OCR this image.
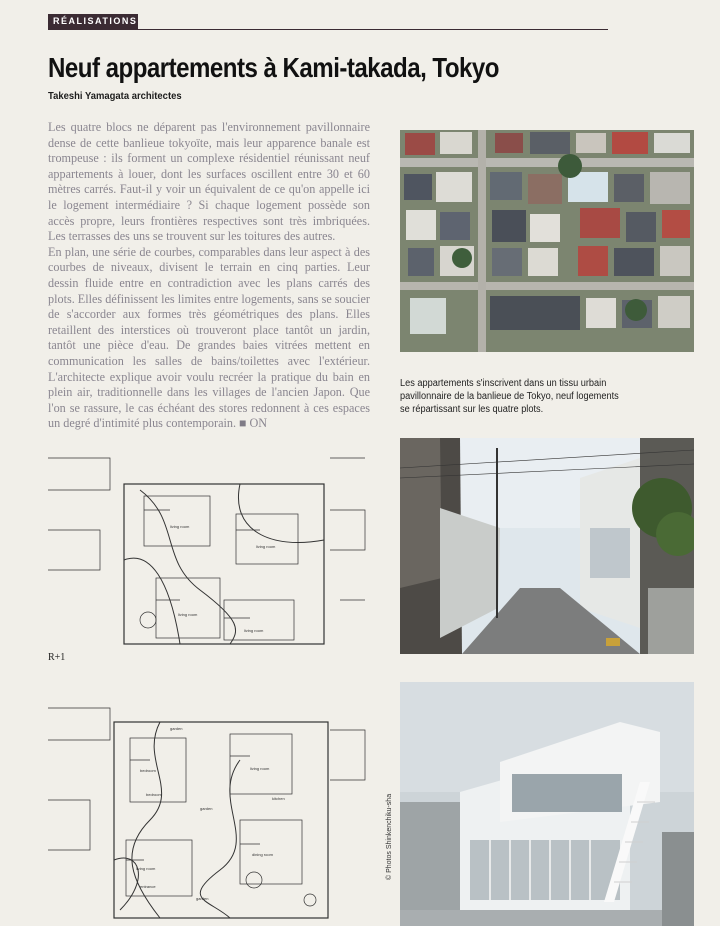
RÉALISATIONS
Neuf appartements à Kami-takada, Tokyo
Takeshi Yamagata architectes

Les quatre blocs ne déparent pas l'environnement pavillonnaire dense de cette banlieue tokyoïte, mais leur apparence banale est trompeuse : ils forment un complexe résidentiel réunissant neuf appartements à louer, dont les surfaces oscillent entre 30 et 60 mètres carrés. Faut-il y voir un équivalent de ce qu'on appelle ici le logement intermédiaire ? Si chaque logement possède son accès propre, leurs frontières respectives sont très imbriquées. Les terrasses des uns se trouvent sur les toitures des autres.

En plan, une série de courbes, comparables dans leur aspect à des courbes de niveaux, divisent le terrain en cinq parties. Leur dessin fluide entre en contradiction avec les plans carrés des plots. Elles définissent les limites entre logements, sans se soucier de s'accorder aux formes très géométriques des plans. Elles retaillent des interstices où trouveront place tantôt un jardin, tantôt une pièce d'eau. De grandes baies vitrées mettent en communication les salles de bains/toilettes avec l'extérieur. L'architecte explique avoir voulu recréer la pratique du bain en plein air, traditionnelle dans les villages de l'ancien Japon. Que l'on se rassure, le cas échéant des stores redonnent à ces espaces un degré d'intimité plus contemporain. ■ ON

Les appartements s'inscrivent dans un tissu urbain pavillonnaire de la banlieue de Tokyo, neuf logements se répartissant sur les quatre plots.
© Photos Shinkenchiku-sha
living room
living room
living room
living room
R+1
garden
bedroom
bedroom
garden
living room
kitchen
living room
entrance
garden
dining room
